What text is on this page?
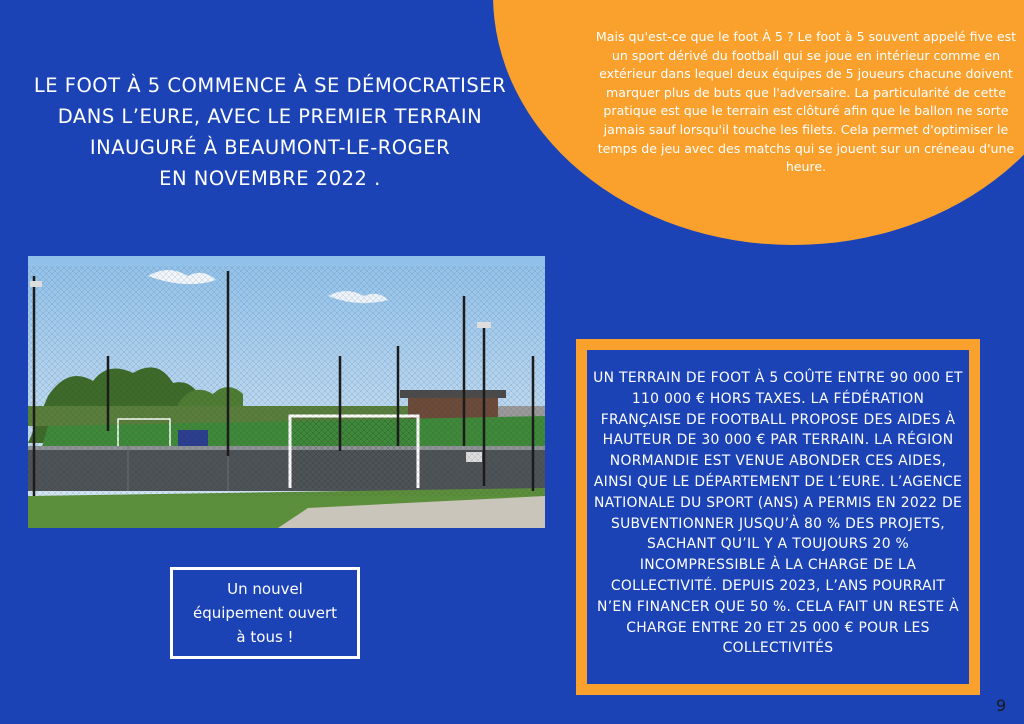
Mais qu'est-ce que le foot À 5 ? Le foot à 5 souvent appelé five est un sport dérivé du football qui se joue en intérieur comme en extérieur dans lequel deux équipes de 5 joueurs chacune doivent marquer plus de buts que l'adversaire. La particularité de cette pratique est que le terrain est clôturé afin que le ballon ne sorte jamais sauf lorsqu'il touche les filets. Cela permet d'optimiser le temps de jeu avec des matchs qui se jouent sur un créneau d'une heure.
LE FOOT À 5 COMMENCE À SE DÉMOCRATISER
DANS L’EURE, AVEC LE PREMIER TERRAIN
INAUGURÉ À BEAUMONT-LE-ROGER
EN NOVEMBRE 2022 .
Un nouvel
équipement ouvert
à tous !
UN TERRAIN DE FOOT À 5 COÛTE ENTRE 90 000 ET 110 000 € HORS TAXES. LA FÉDÉRATION FRANÇAISE DE FOOTBALL PROPOSE DES AIDES À HAUTEUR DE 30 000 € PAR TERRAIN. LA RÉGION NORMANDIE EST VENUE ABONDER CES AIDES, AINSI QUE LE DÉPARTEMENT DE L’EURE. L’AGENCE NATIONALE DU SPORT (ANS) A PERMIS EN 2022 DE SUBVENTIONNER JUSQU’À 80 % DES PROJETS, SACHANT QU’IL Y A TOUJOURS 20 % INCOMPRESSIBLE À LA CHARGE DE LA COLLECTIVITÉ. DEPUIS 2023, L’ANS POURRAIT N’EN FINANCER QUE 50 %. CELA FAIT UN RESTE À CHARGE ENTRE 20 ET 25 000 € POUR LES COLLECTIVITÉS
9
